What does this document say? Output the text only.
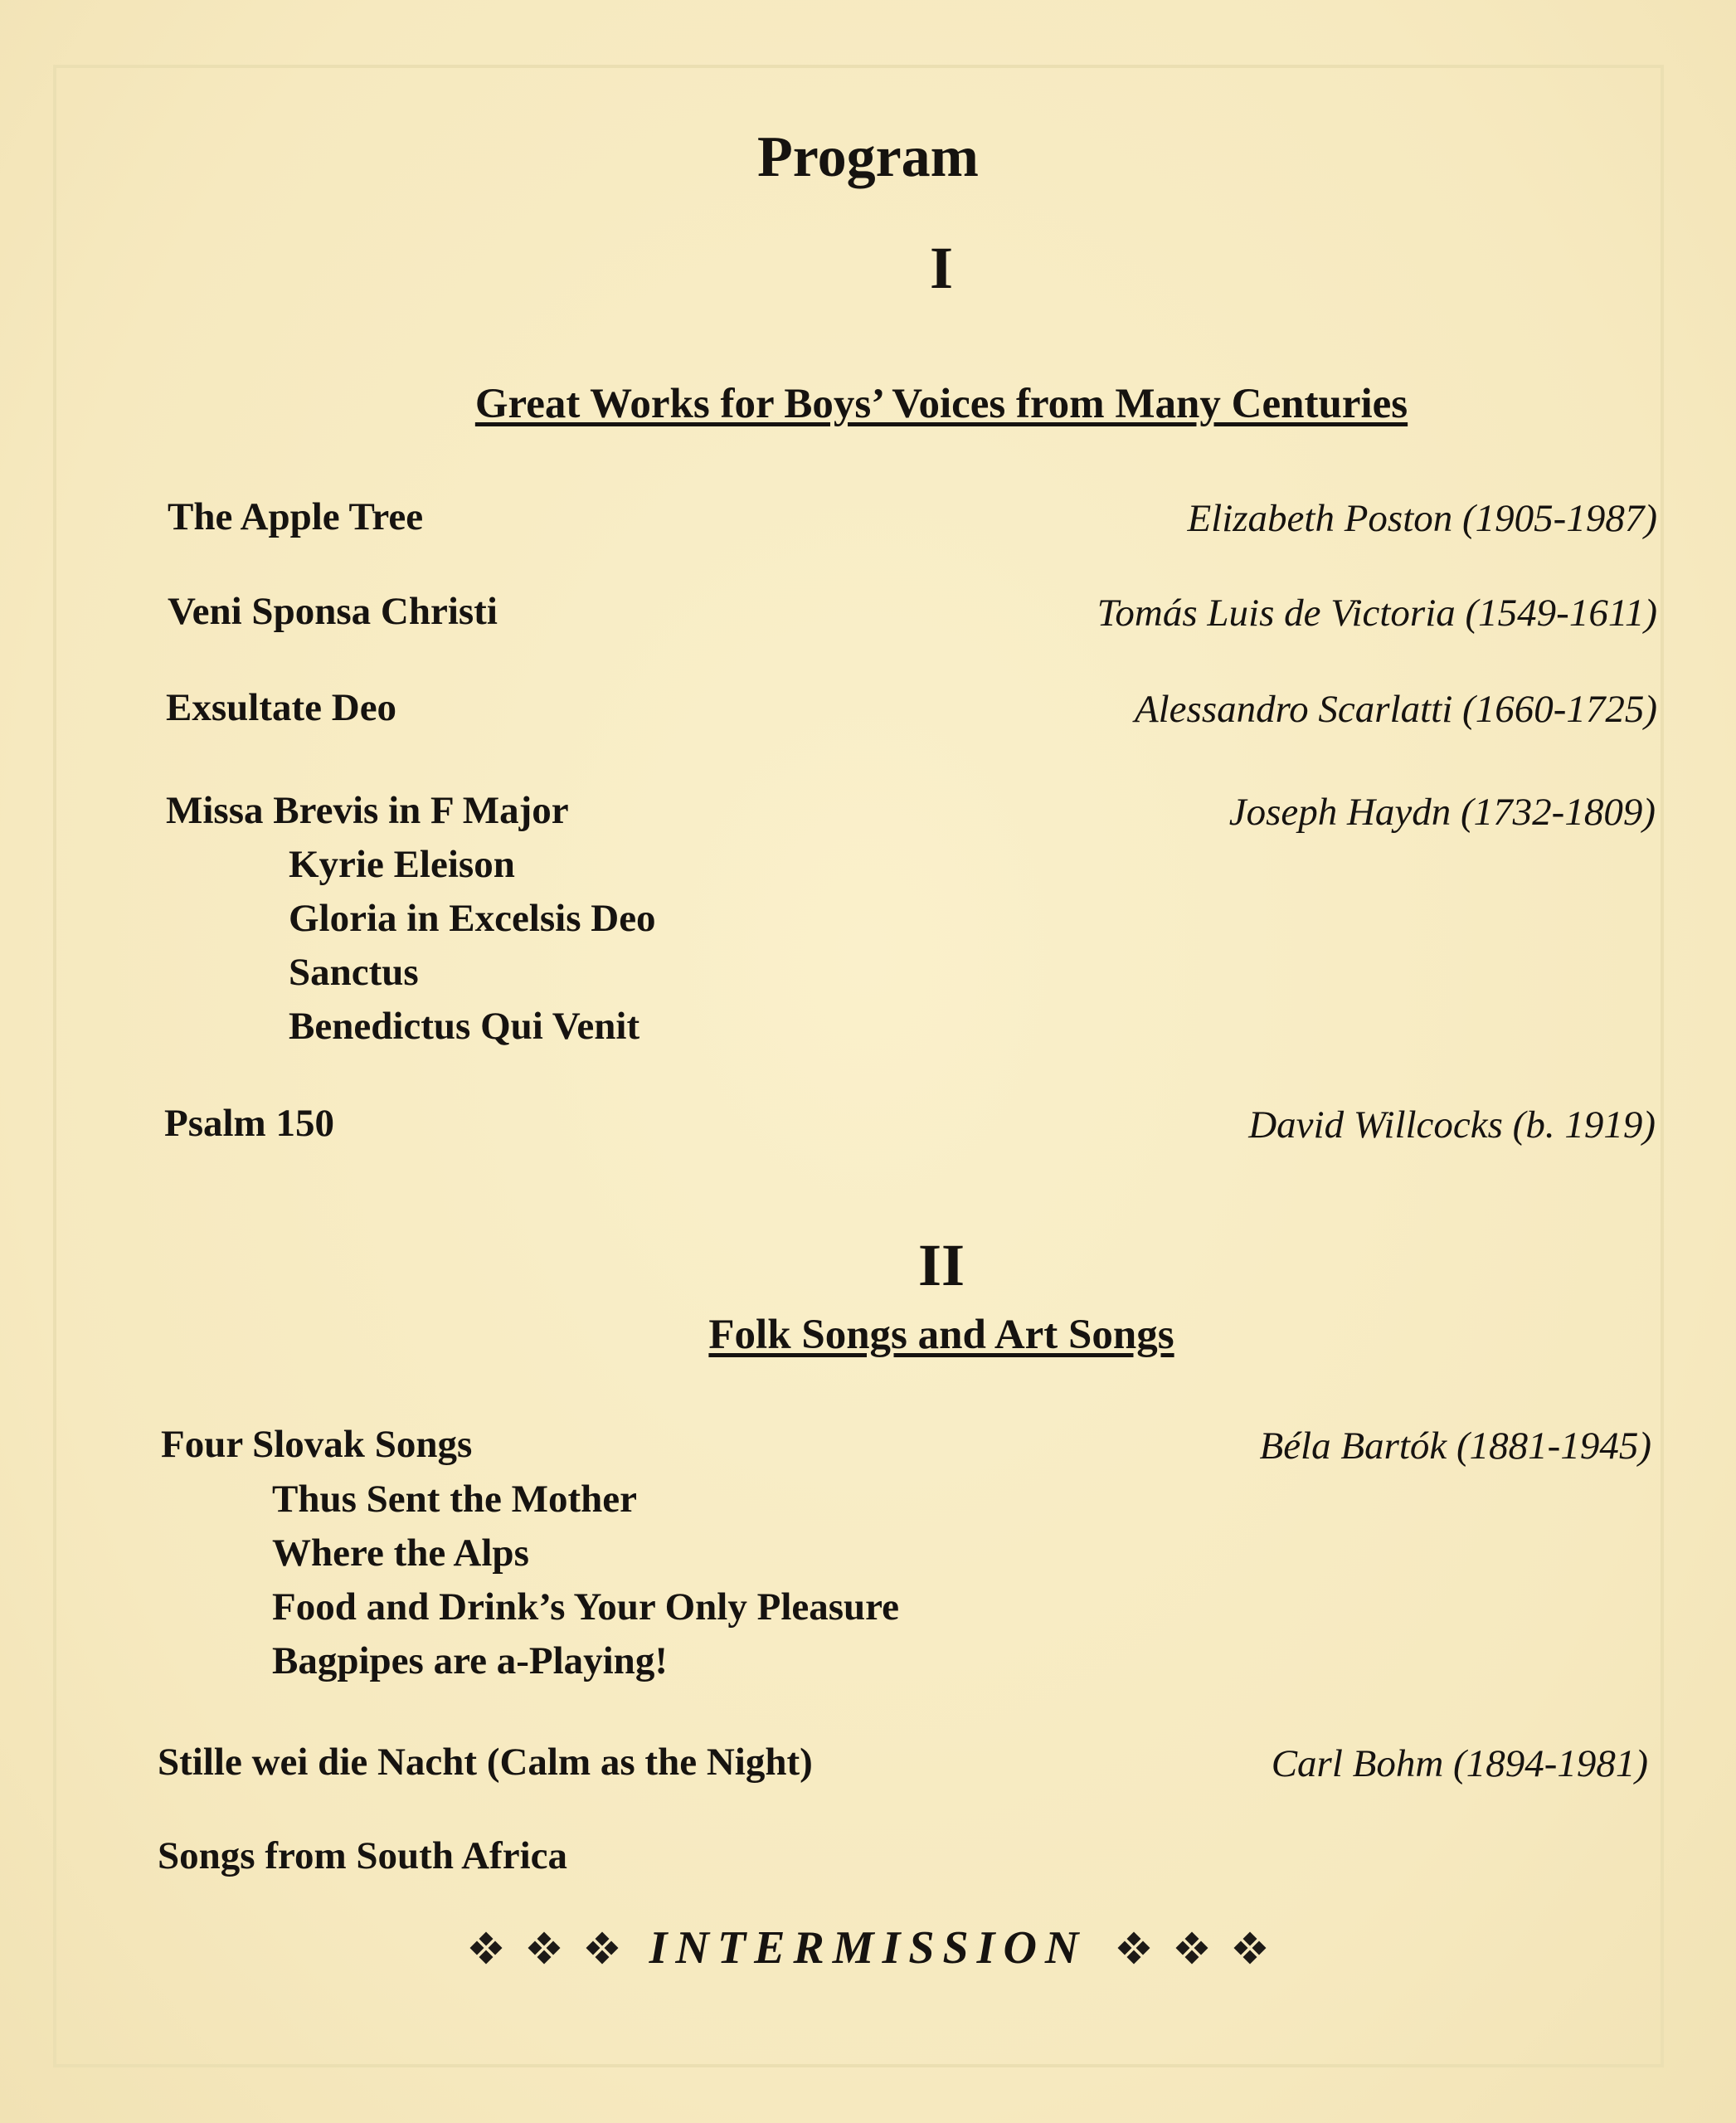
Program
I
Great Works for Boys’ Voices from Many Centuries
The Apple Tree	Elizabeth Poston (1905-1987)
Veni Sponsa Christi	Tomás Luis de Victoria (1549-1611)
Exsultate Deo	Alessandro Scarlatti (1660-1725)
Missa Brevis in F Major	Joseph Haydn (1732-1809)
Kyrie Eleison
Gloria in Excelsis Deo
Sanctus
Benedictus Qui Venit
Psalm 150	David Willcocks (b. 1919)
II
Folk Songs and Art Songs
Four Slovak Songs	Béla Bartók (1881-1945)
Thus Sent the Mother
Where the Alps
Food and Drink’s Your Only Pleasure
Bagpipes are a-Playing!
Stille wei die Nacht (Calm as the Night)	Carl Bohm (1894-1981)
Songs from South Africa
INTERMISSION
